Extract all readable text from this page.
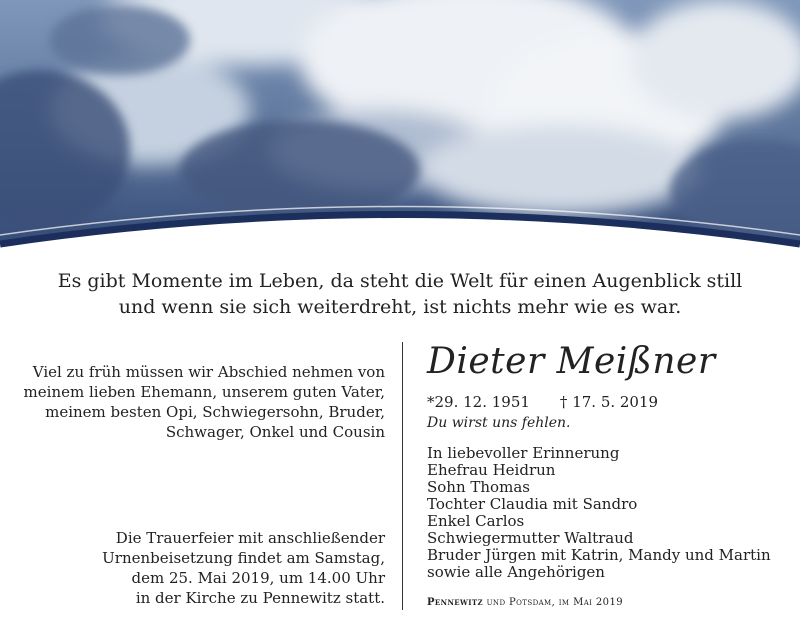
Es gibt Momente im Leben, da steht die Welt für einen Augenblick still
und wenn sie sich weiterdreht, ist nichts mehr wie es war.
Viel zu früh müssen wir Abschied nehmen von
meinem lieben Ehemann, unserem guten Vater,
meinem besten Opi, Schwiegersohn, Bruder,
Schwager, Onkel und Cousin
Die Trauerfeier mit anschließender
Urnenbeisetzung findet am Samstag,
dem 25. Mai 2019, um 14.00 Uhr
in der Kirche zu Pennewitz statt.
Dieter Meißner
*29. 12. 1951 † 17. 5. 2019
Du wirst uns fehlen.
In liebevoller Erinnerung
Ehefrau Heidrun
Sohn Thomas
Tochter Claudia mit Sandro
Enkel Carlos
Schwiegermutter Waltraud
Bruder Jürgen mit Katrin, Mandy und Martin
sowie alle Angehörigen
Pennewitz und Potsdam, im Mai 2019
